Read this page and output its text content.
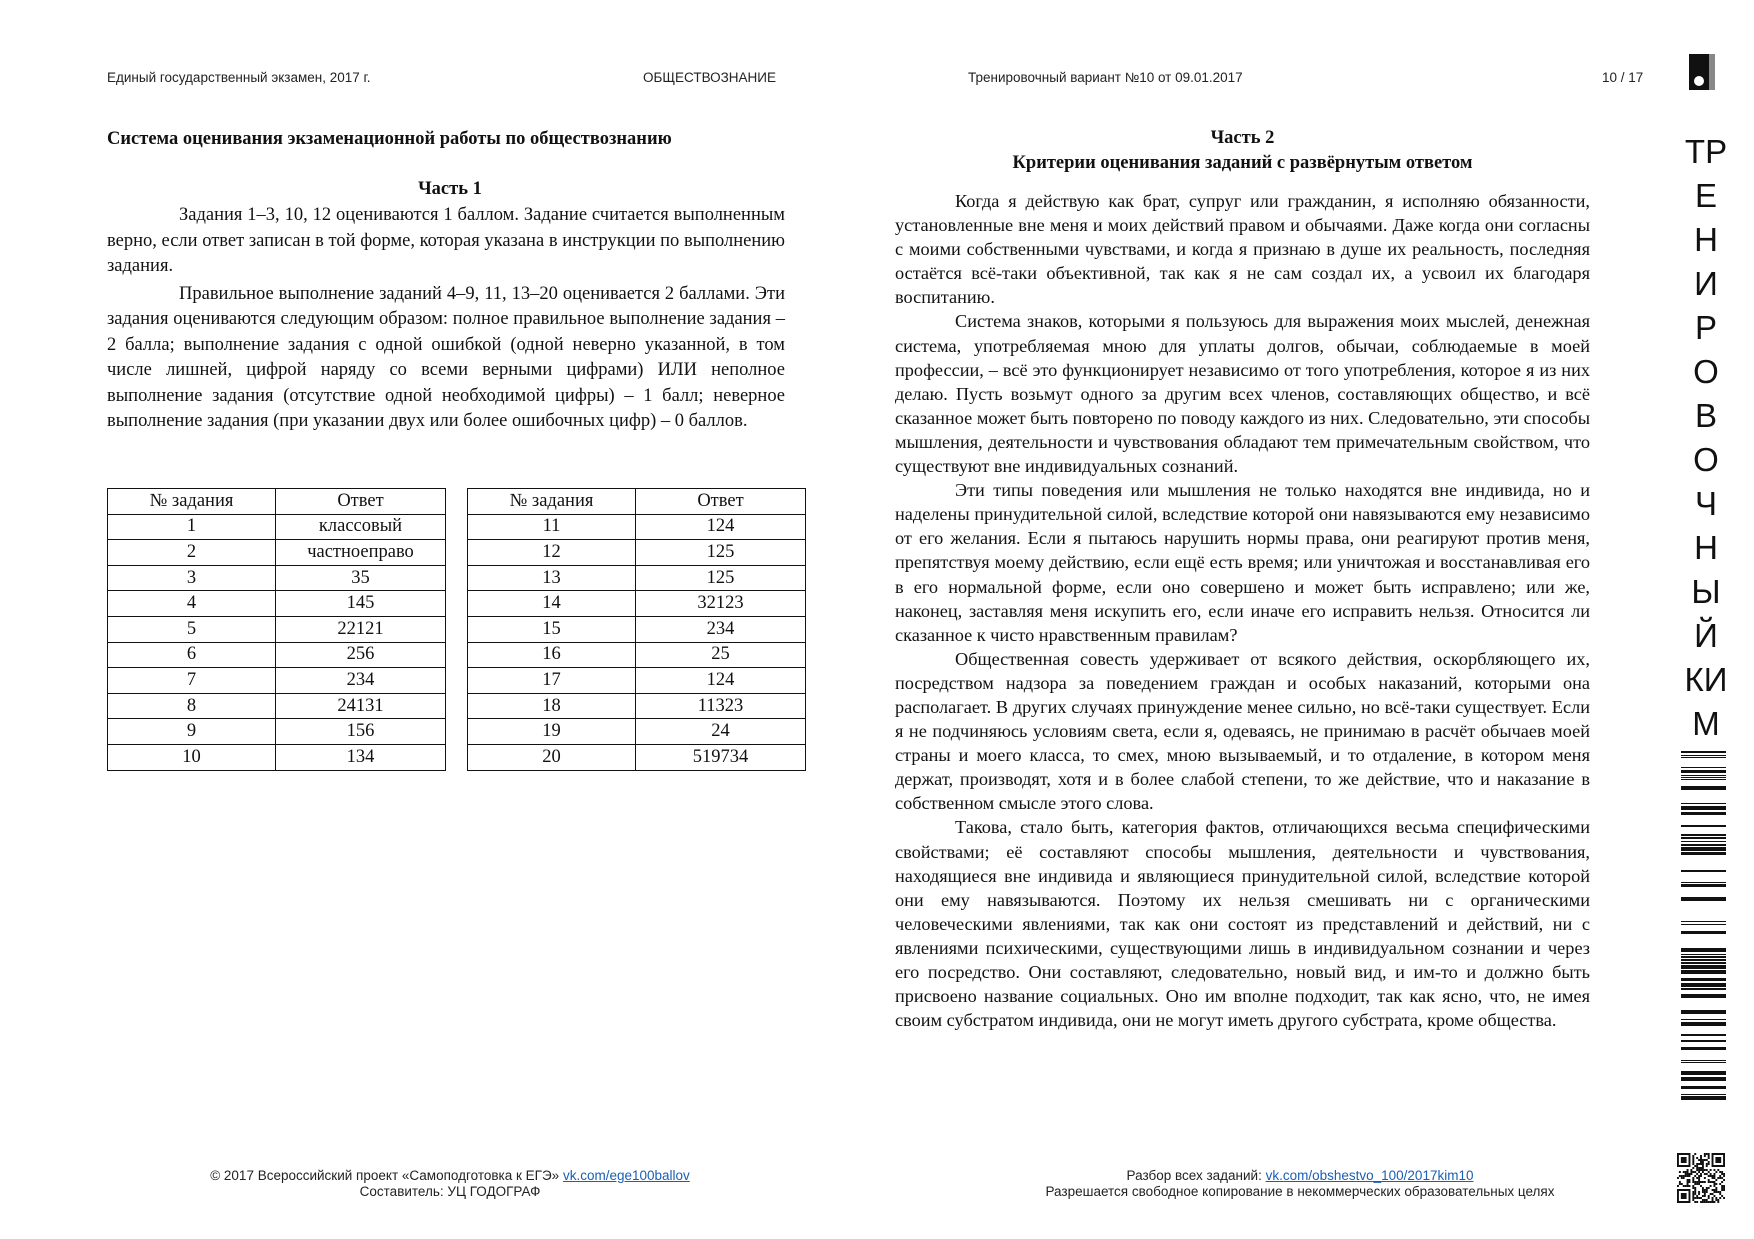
Единый государственный экзамен, 2017 г.	ОБЩЕСТВОЗНАНИЕ	Тренировочный вариант №10 от 09.01.2017	10 / 17
Система оценивания экзаменационной работы по обществознанию
Часть 1

Задания 1–3, 10, 12 оцениваются 1 баллом. Задание считается выполненным верно, если ответ записан в той форме, которая указана в инструкции по выполнению задания.

Правильное выполнение заданий 4–9, 11, 13–20 оценивается 2 баллами. Эти задания оцениваются следующим образом: полное правильное выполнение задания – 2 балла; выполнение задания с одной ошибкой (одной неверно указанной, в том числе лишней, цифрой наряду со всеми верными цифрами) ИЛИ неполное выполнение задания (отсутствие одной необходимой цифры) – 1 балл; неверное выполнение задания (при указании двух или более ошибочных цифр) – 0 баллов.

№ задания	Ответ
1	классовый
2	частноеправо
3	35
4	145
5	22121
6	256
7	234
8	24131
9	156
10	134
№ задания	Ответ
11	124
12	125
13	125
14	32123
15	234
16	25
17	124
18	11323
19	24
20	519734
Часть 2
Критерии оценивания заданий с развёрнутым ответом

Когда я действую как брат, супруг или гражданин, я исполняю обязанности, установленные вне меня и моих действий правом и обычаями. Даже когда они согласны с моими собственными чувствами, и когда я признаю в душе их реальность, последняя остаётся всё-таки объективной, так как я не сам создал их, а усвоил их благодаря воспитанию.

Система знаков, которыми я пользуюсь для выражения моих мыслей, денежная система, употребляемая мною для уплаты долгов, обычаи, соблюдаемые в моей профессии, – всё это функционирует независимо от того употребления, которое я из них делаю. Пусть возьмут одного за другим всех членов, составляющих общество, и всё сказанное может быть повторено по поводу каждого из них. Следовательно, эти способы мышления, деятельности и чувствования обладают тем примечательным свойством, что существуют вне индивидуальных сознаний.

Эти типы поведения или мышления не только находятся вне индивида, но и наделены принудительной силой, вследствие которой они навязываются ему независимо от его желания. Если я пытаюсь нарушить нормы права, они реагируют против меня, препятствуя моему действию, если ещё есть время; или уничтожая и восстанавливая его в его нормальной форме, если оно совершено и может быть исправлено; или же, наконец, заставляя меня искупить его, если иначе его исправить нельзя. Относится ли сказанное к чисто нравственным правилам?

Общественная совесть удерживает от всякого действия, оскорбляющего их, посредством надзора за поведением граждан и особых наказаний, которыми она располагает. В других случаях принуждение менее сильно, но всё-таки существует. Если я не подчиняюсь условиям света, если я, одеваясь, не принимаю в расчёт обычаев моей страны и моего класса, то смех, мною вызываемый, и то отдаление, в котором меня держат, производят, хотя и в более слабой степени, то же действие, что и наказание в собственном смысле этого слова.

Такова, стало быть, категория фактов, отличающихся весьма специфическими свойствами; её составляют способы мышления, деятельности и чувствования, находящиеся вне индивида и являющиеся принудительной силой, вследствие которой они ему навязываются. Поэтому их нельзя смешивать ни с органическими человеческими явлениями, так как они состоят из представлений и действий, ни с явлениями психическими, существующими лишь в индивидуальном сознании и через его посредство. Они составляют, следовательно, новый вид, и им-то и должно быть присвоено название социальных. Оно им вполне подходит, так как ясно, что, не имея своим субстратом индивида, они не могут иметь другого субстрата, кроме общества.

ТР
Е
Н
И
Р
О
В
О
Ч
Н
Ы
Й
КИ
М
© 2017 Всероссийский проект «Самоподготовка к ЕГЭ» vk.com/ege100ballov
Составитель: УЦ ГОДОГРАФ
Разбор всех заданий: vk.com/obshestvo_100/2017kim10
Разрешается свободное копирование в некоммерческих образовательных целях
